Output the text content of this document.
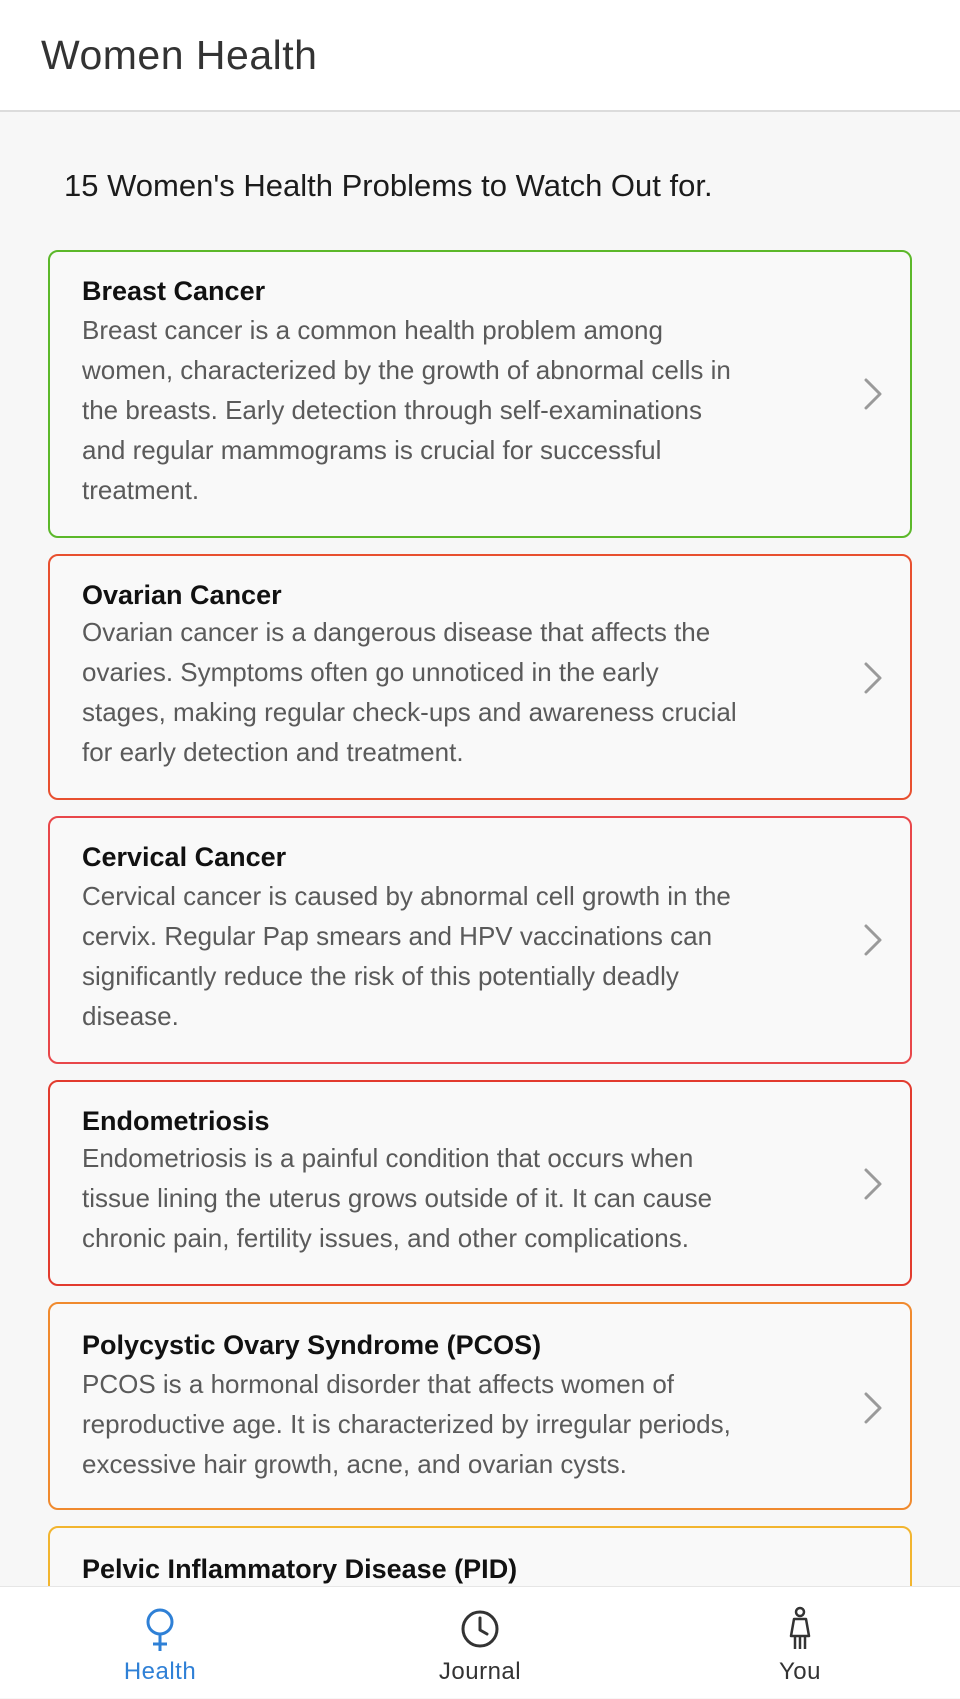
Women Health
15 Women's Health Problems to Watch Out for.
Breast Cancer
Breast cancer is a common health problem among
women, characterized by the growth of abnormal cells in
the breasts. Early detection through self-examinations
and regular mammograms is crucial for successful
treatment.
Ovarian Cancer
Ovarian cancer is a dangerous disease that affects the
ovaries. Symptoms often go unnoticed in the early
stages, making regular check-ups and awareness crucial
for early detection and treatment.
Cervical Cancer
Cervical cancer is caused by abnormal cell growth in the
cervix. Regular Pap smears and HPV vaccinations can
significantly reduce the risk of this potentially deadly
disease.
Endometriosis
Endometriosis is a painful condition that occurs when
tissue lining the uterus grows outside of it. It can cause
chronic pain, fertility issues, and other complications.
Polycystic Ovary Syndrome (PCOS)
PCOS is a hormonal disorder that affects women of
reproductive age. It is characterized by irregular periods,
excessive hair growth, acne, and ovarian cysts.
Pelvic Inflammatory Disease (PID)
Health	Journal	You
